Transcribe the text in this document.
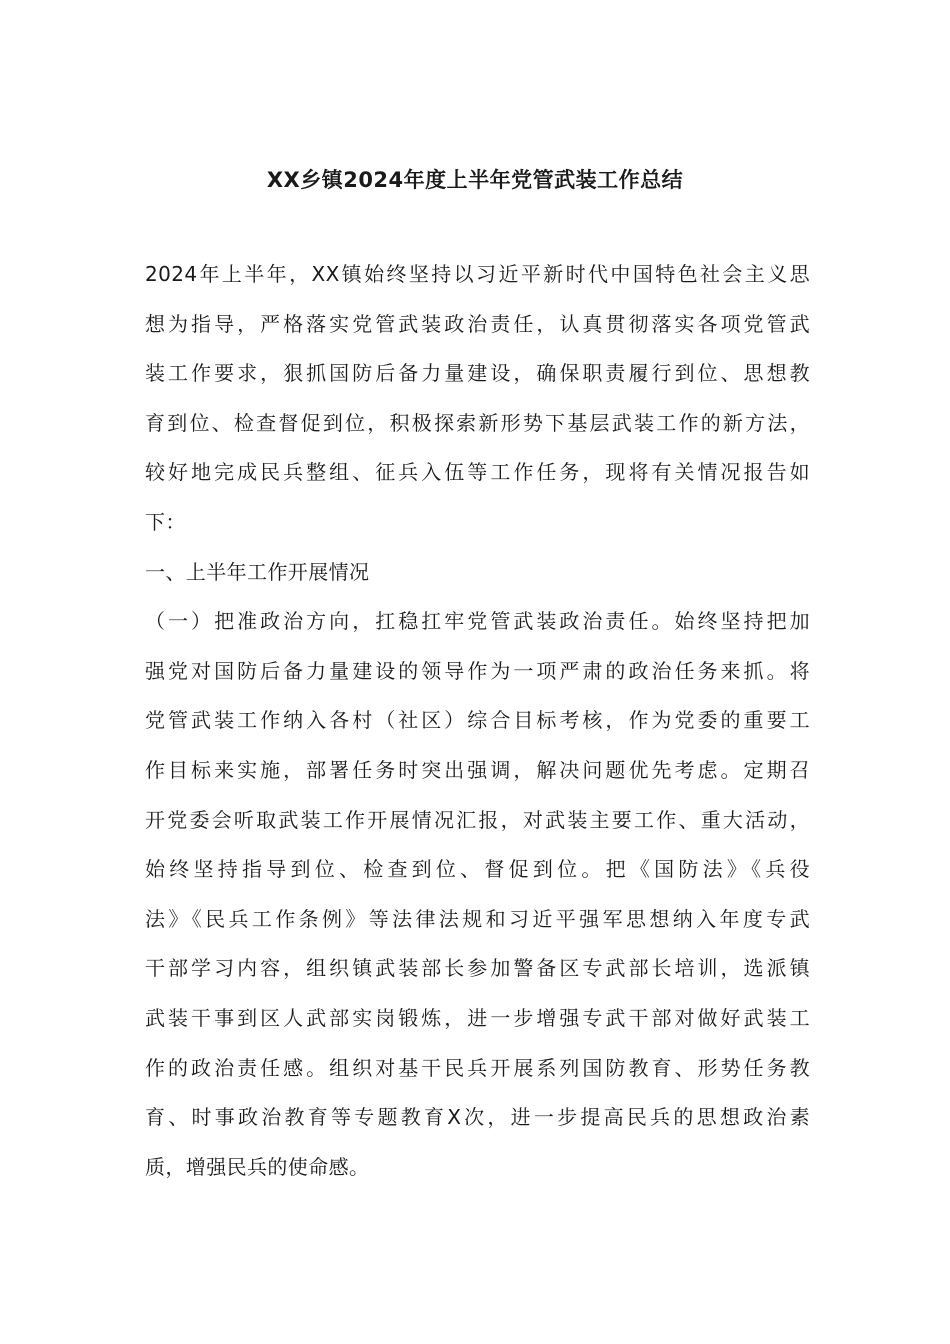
XX乡镇2024年度上半年党管武装工作总结
2024年上半年，XX镇始终坚持以习近平新时代中国特色社会主义思
想为指导，严格落实党管武装政治责任，认真贯彻落实各项党管武
装工作要求，狠抓国防后备力量建设，确保职责履行到位、思想教
育到位、检查督促到位，积极探索新形势下基层武装工作的新方法，
较好地完成民兵整组、征兵入伍等工作任务，现将有关情况报告如
下：
一、上半年工作开展情况
（一）把准政治方向，扛稳扛牢党管武装政治责任。始终坚持把加
强党对国防后备力量建设的领导作为一项严肃的政治任务来抓。将
党管武装工作纳入各村（社区）综合目标考核，作为党委的重要工
作目标来实施，部署任务时突出强调，解决问题优先考虑。定期召
开党委会听取武装工作开展情况汇报，对武装主要工作、重大活动，
始终坚持指导到位、检查到位、督促到位。把《国防法》《兵役
法》《民兵工作条例》等法律法规和习近平强军思想纳入年度专武
干部学习内容，组织镇武装部长参加警备区专武部长培训，选派镇
武装干事到区人武部实岗锻炼，进一步增强专武干部对做好武装工
作的政治责任感。组织对基干民兵开展系列国防教育、形势任务教
育、时事政治教育等专题教育X次，进一步提高民兵的思想政治素
质，增强民兵的使命感。
